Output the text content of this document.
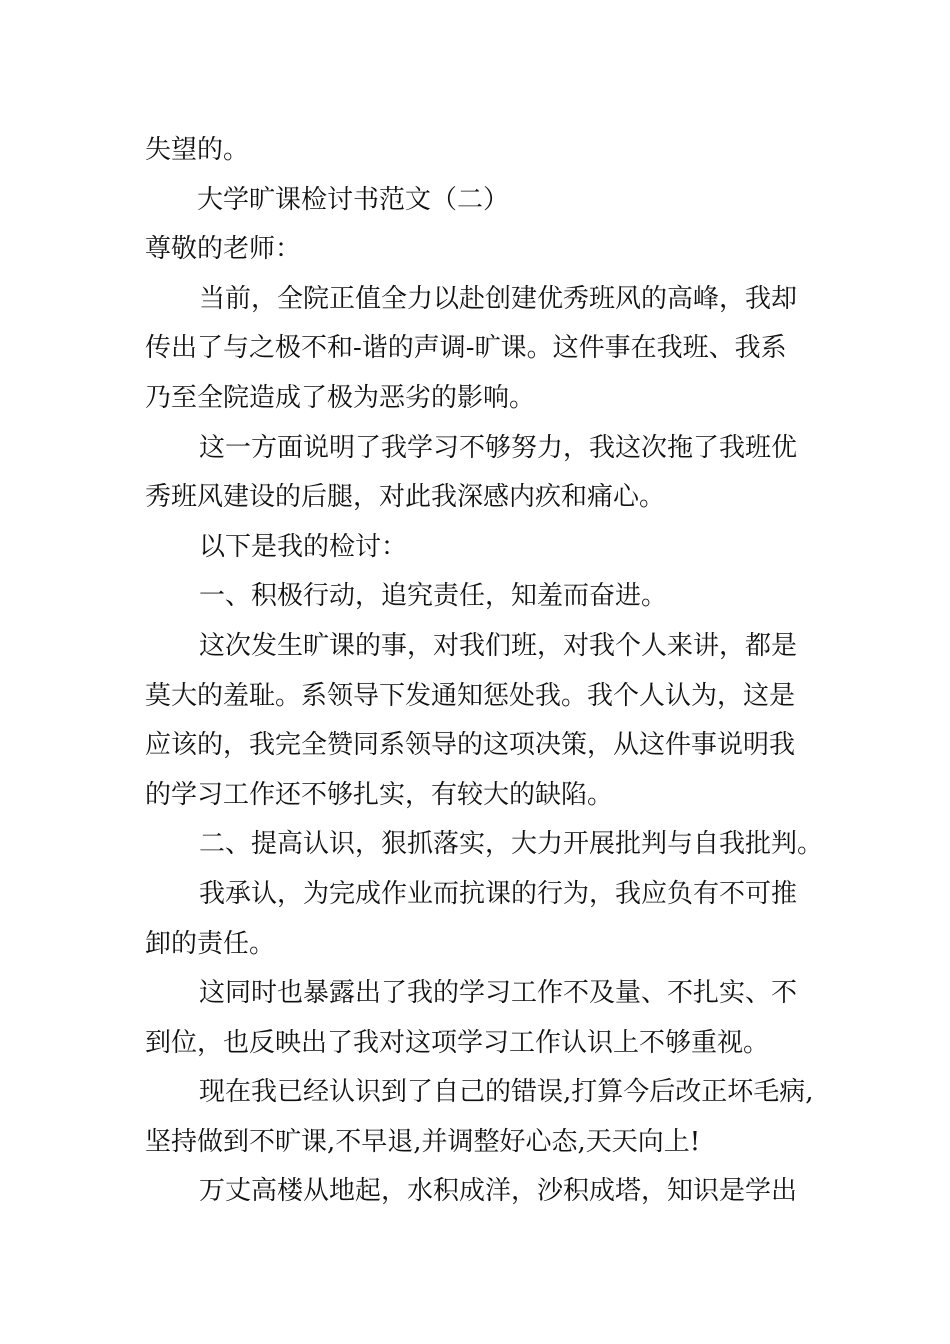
失望的。
大学旷课检讨书范文（二）
尊敬的老师：
当前，全院正值全力以赴创建优秀班风的高峰，我却
传出了与之极不和-谐的声调-旷课。这件事在我班、我系
乃至全院造成了极为恶劣的影响。
这一方面说明了我学习不够努力，我这次拖了我班优
秀班风建设的后腿，对此我深感内疚和痛心。
以下是我的检讨：
一、积极行动，追究责任，知羞而奋进。
这次发生旷课的事，对我们班，对我个人来讲，都是
莫大的羞耻。系领导下发通知惩处我。我个人认为，这是
应该的，我完全赞同系领导的这项决策，从这件事说明我
的学习工作还不够扎实，有较大的缺陷。
二、提高认识，狠抓落实，大力开展批判与自我批判。
我承认，为完成作业而抗课的行为，我应负有不可推
卸的责任。
这同时也暴露出了我的学习工作不及量、不扎实、不
到位，也反映出了我对这项学习工作认识上不够重视。
现在我已经认识到了自己的错误,打算今后改正坏毛病,
坚持做到不旷课,不早退,并调整好心态,天天向上!
万丈高楼从地起，水积成洋，沙积成塔，知识是学出
